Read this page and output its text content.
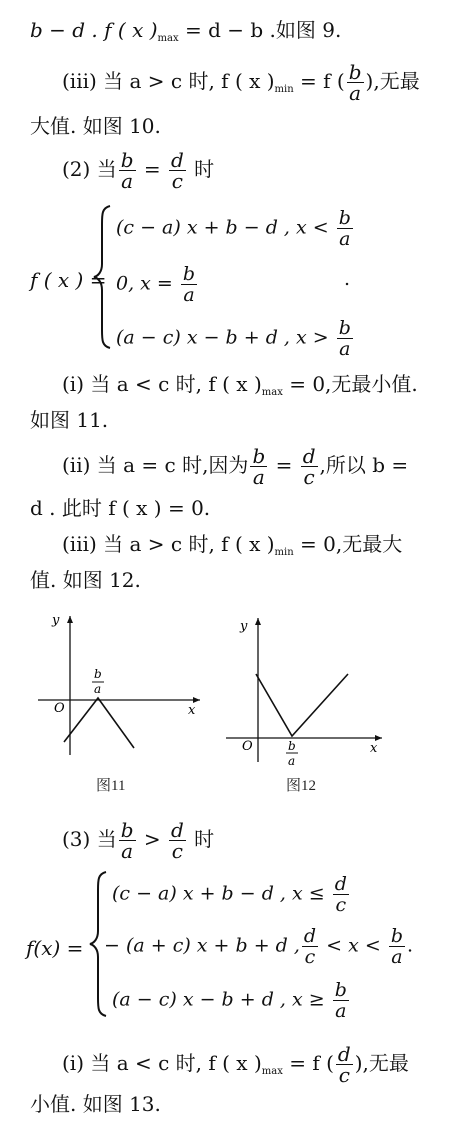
b − d . f ( x )$_{max} = d - b$ .如图 9.
(iii) 当 a > c 时, f ( x )$_{min} = f$ ( $\frac{b}{a}$ ),无最
大值. 如图 10.
(2) 当 $\frac{b}{a} = \frac{d}{c}$ 时
f ( x ) =
(c − a) x + b − d , $x < \frac{b}{a}$
0, $x = \frac{b}{a}$	.
(a − c) x − b + d , $x > \frac{b}{a}$
(i) 当 a < c 时, f ( x )$_{max} = 0$,无最小值.
如图 11.
(ii) 当 a = c 时,因为 $\frac{b}{a} = \frac{d}{c}$ ,所以 b =
d . 此时 f ( x ) = 0.
(iii) 当 a > c 时, f ( x )$_{min} = 0$,无最大
值. 如图 12.
y
x
O
b
a
图11
y
x
O	b
a
图12
(3) 当 $\frac{b}{a} > \frac{d}{c}$ 时
f(x) =
(c − a) x + b − d , $x \le \frac{d}{c}$
− (a + c) x + b + d , $\frac{d}{c} < x < \frac{b}{a}$ .
(a − c) x − b + d , $x \ge \frac{b}{a}$
(i) 当 a < c 时, f ( x )$_{max} = f$ ( $\frac{d}{c}$ ),无最
小值. 如图 13.
